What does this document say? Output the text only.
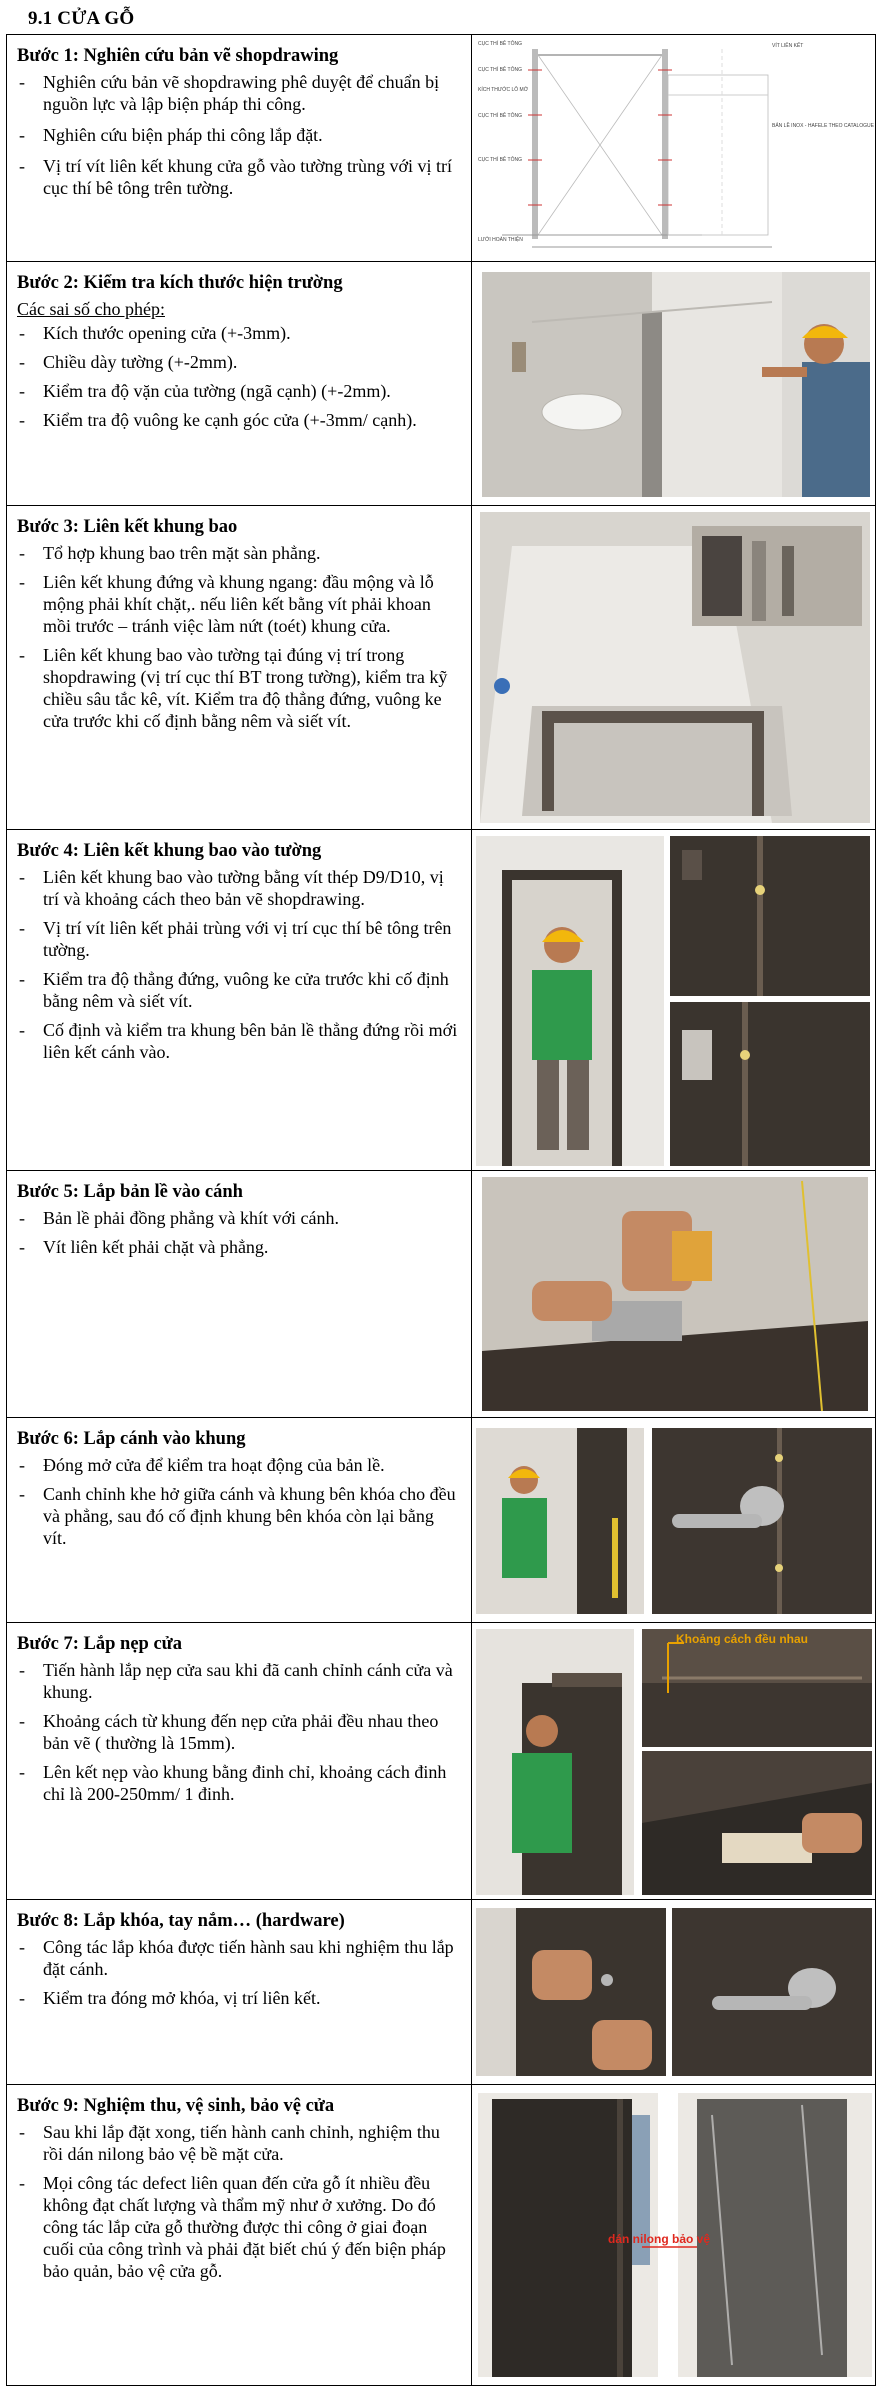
9.1 CỬA GỖ
Bước 1: Nghiên cứu bản vẽ shopdrawing
- Nghiên cứu bản vẽ shopdrawing phê duyệt để chuẩn bị nguồn lực và lập biện pháp thi công.
- Nghiên cứu biện pháp thi công lắp đặt.
- Vị trí vít liên kết khung cửa gỗ vào tường trùng với vị trí cục thí bê tông trên tường.
CỤC THÍ BÊ TÔNG
CỤC THÍ BÊ TÔNG
KÍCH THƯỚC LỖ MỞ
CỤC THÍ BÊ TÔNG
CỤC THÍ BÊ TÔNG
LƯỚI HOÀN THIỆN
VÍT LIÊN KẾT
BẢN LỀ INOX - HAFELE THEO CATALOGUE
Bước 2: Kiểm tra kích thước hiện trường
Các sai số cho phép:
- Kích thước opening cửa (+-3mm).
- Chiều dày tường (+-2mm).
- Kiểm tra độ vặn của tường (ngã cạnh) (+-2mm).
- Kiểm tra độ vuông ke cạnh góc cửa (+-3mm/ cạnh).
Bước 3: Liên kết khung bao
- Tổ hợp khung bao trên mặt sàn phẳng.
- Liên kết khung đứng và khung ngang: đầu mộng và lỗ mộng phải khít chặt,. nếu liên kết bằng vít phải khoan mồi trước – tránh việc làm nứt (toét) khung cửa.
- Liên kết khung bao vào tường tại đúng vị trí trong shopdrawing (vị trí cục thí BT trong tường), kiểm tra kỹ chiều sâu tắc kê, vít. Kiểm tra độ thẳng đứng, vuông ke cửa trước khi cố định bằng nêm và siết vít.
Bước 4: Liên kết khung bao vào tường
- Liên kết khung bao vào tường bằng vít thép D9/D10, vị trí và khoảng cách theo bản vẽ shopdrawing.
- Vị trí vít liên kết phải trùng với vị trí cục thí bê tông trên tường.
- Kiểm tra độ thẳng đứng, vuông ke cửa trước khi cố định bằng nêm và siết vít.
- Cố định và kiểm tra khung bên bản lề thẳng đứng rồi mới liên kết cánh vào.
Bước 5: Lắp bản lề vào cánh
- Bản lề phải đồng phẳng và khít với cánh.
- Vít liên kết phải chặt và phẳng.
Bước 6: Lắp cánh vào khung
- Đóng mở cửa để kiểm tra hoạt động của bản lề.
- Canh chỉnh khe hở giữa cánh và khung bên khóa cho đều và phẳng, sau đó cố định khung bên khóa còn lại bằng vít.
Bước 7: Lắp nẹp cửa
- Tiến hành lắp nẹp cửa sau khi đã canh chỉnh cánh cửa và khung.
- Khoảng cách từ khung đến nẹp cửa phải đều nhau theo bản vẽ ( thường là 15mm).
- Lên kết nẹp vào khung bằng đinh chỉ, khoảng cách đinh chỉ là 200-250mm/ 1 đinh.
Khoảng cách đều nhau
Bước 8: Lắp khóa, tay nắm… (hardware)
- Công tác lắp khóa được tiến hành sau khi nghiệm thu lắp đặt cánh.
- Kiểm tra đóng mở khóa, vị trí liên kết.
Bước 9: Nghiệm thu, vệ sinh, bảo vệ cửa
- Sau khi lắp đặt xong, tiến hành canh chỉnh, nghiệm thu rồi dán nilong bảo vệ bề mặt cửa.
- Mọi công tác defect liên quan đến cửa gỗ ít nhiều đều không đạt chất lượng và thẩm mỹ như ở xưởng. Do đó công tác lắp cửa gỗ thường được thi công ở giai đoạn cuối của công trình và phải đặt biết chú ý đến biện pháp bảo quản, bảo vệ cửa gỗ.
dán nilong bảo vệ
